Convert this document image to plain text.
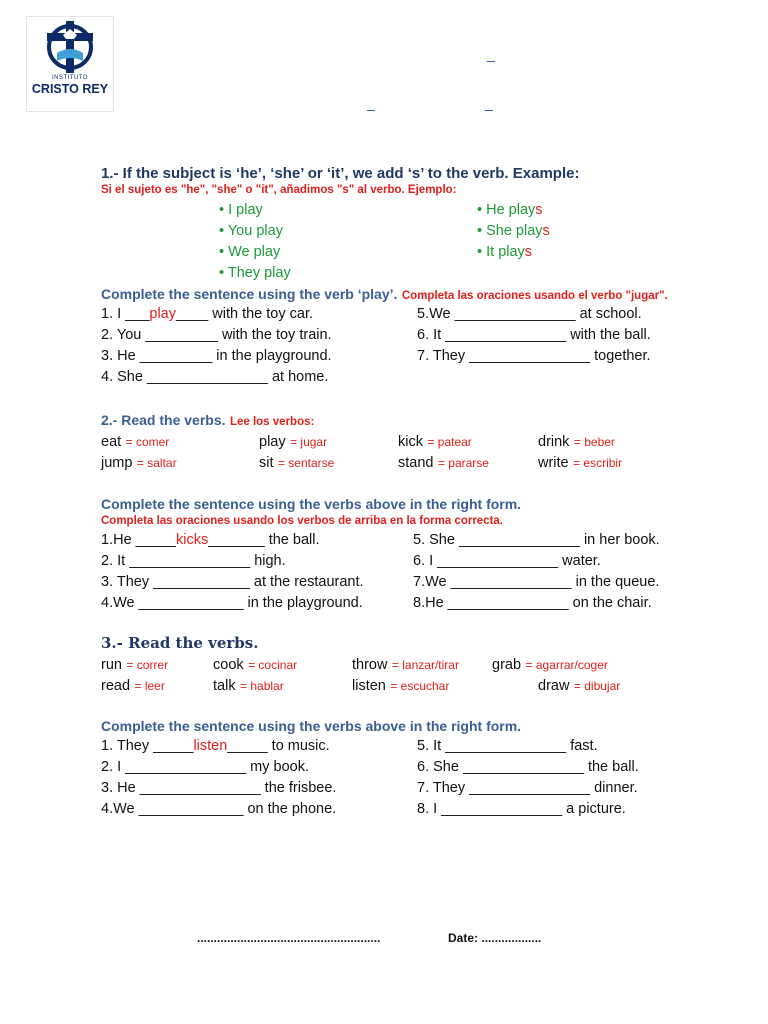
INSTITUTO
CRISTO REY
_
_	_
1.- If the subject is ‘he’, ‘she’ or ‘it’, we add ‘s’ to the verb. Example:
Si el sujeto es "he", "she" o "it", añadimos "s" al verbo. Ejemplo:
• I play
• You play
• We play
• They play
• He plays
• She plays
• It plays
Complete the sentence using the verb ‘play’. Completa las oraciones usando el verbo "jugar".
1. I ___play____ with the toy car.
2. You _________ with the toy train.
3. He _________ in the playground.
4. She _______________ at home.
5.We _______________ at school.
6. It _______________ with the ball.
7. They _______________ together.
2.- Read the verbs. Lee los verbos:
eat = comer	play = jugar	kick = patear	drink = beber
jump = saltar	sit = sentarse	stand = pararse	write = escribir
Complete the sentence using the verbs above in the right form.
Completa las oraciones usando los verbos de arriba en la forma correcta.
1.He _____kicks_______ the ball.
2. It _______________ high.
3. They ____________ at the restaurant.
4.We _____________ in the playground.
5. She _______________ in her book.
6. I _______________ water.
7.We _______________ in the queue.
8.He _______________ on the chair.
3.- Read the verbs.
run = correr	cook = cocinar	throw = lanzar/tirar grab = agarrar/coger
read = leer	talk = hablar	listen = escuchar	draw = dibujar
Complete the sentence using the verbs above in the right form.
1. They _____listen_____ to music.
2. I _______________ my book.
3. He _______________ the frisbee.
4.We _____________ on the phone.
5. It _______________ fast.
6. She _______________ the ball.
7. They _______________ dinner.
8. I _______________ a picture.
.......................................................	Date: ..................
